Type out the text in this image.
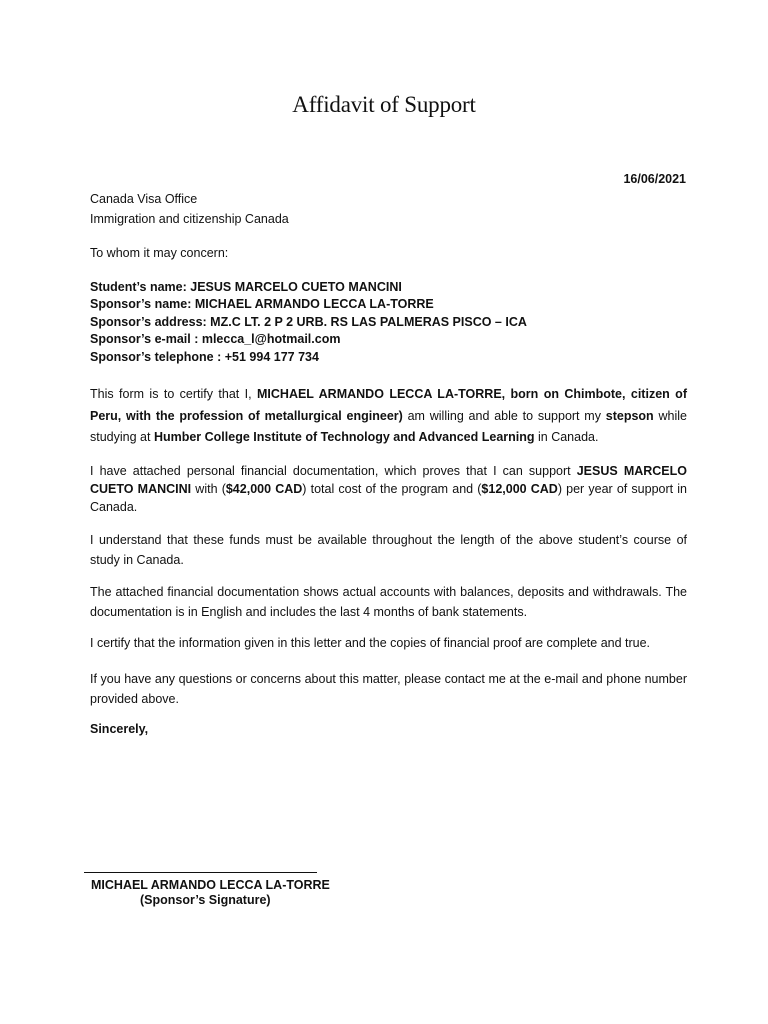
Affidavit of Support
16/06/2021
Canada Visa Office
Immigration and citizenship Canada
To whom it may concern:
Student’s name: JESUS MARCELO CUETO MANCINI
Sponsor’s name: MICHAEL ARMANDO LECCA LA-TORRE
Sponsor’s address: MZ.C LT. 2 P 2 URB. RS LAS PALMERAS PISCO – ICA
Sponsor’s e-mail : mlecca_l@hotmail.com
Sponsor’s telephone : +51 994 177 734
This form is to certify that I, MICHAEL ARMANDO LECCA LA-TORRE, born on Chimbote, citizen of Peru, with the profession of metallurgical engineer) am willing and able to support my stepson while studying at Humber College Institute of Technology and Advanced Learning in Canada.
I have attached personal financial documentation, which proves that I can support JESUS MARCELO CUETO MANCINI with ($42,000 CAD) total cost of the program and ($12,000 CAD) per year of support in Canada.
I understand that these funds must be available throughout the length of the above student’s course of study in Canada.
The attached financial documentation shows actual accounts with balances, deposits and withdrawals. The documentation is in English and includes the last 4 months of bank statements.
I certify that the information given in this letter and the copies of financial proof are complete and true.
If you have any questions or concerns about this matter, please contact me at the e-mail and phone number provided above.
Sincerely,
MICHAEL ARMANDO LECCA LA-TORRE
(Sponsor’s Signature)
